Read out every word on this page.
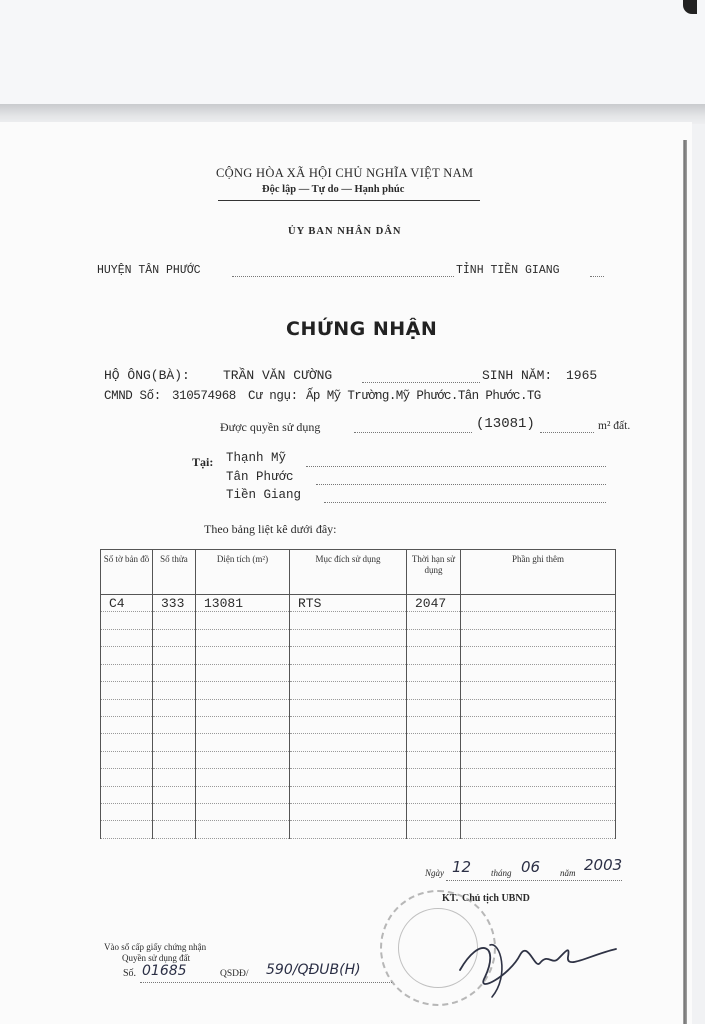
CỘNG HÒA XÃ HỘI CHỦ NGHĨA VIỆT NAM
Độc lập — Tự do — Hạnh phúc
ỦY BAN NHÂN DÂN
HUYỆN TÂN PHƯỚC	TỈNH TIỀN GIANG
CHỨNG NHẬN
HỘ ÔNG(BÀ):	TRẦN VĂN CƯỜNG	SINH NĂM: 1965
CMND Số: 310574968 Cư ngụ: Ấp Mỹ Trường.Mỹ Phước.Tân Phước.TG
Được quyền sử dụng	(13081)	m² đất.
Tại: Thạnh Mỹ
Tân Phước
Tiền Giang
Theo bảng liệt kê dưới đây:
Số tờ bản đồ	Số thửa	Diện tích (m²)	Mục đích sử dụng	Thời hạn sử dụng	Phần ghi thêm
C4	333	13081	RTS	2047	

Ngày 12 tháng 06 năm 2003
KT. Chủ tịch UBND
Vào sổ cấp giấy chứng nhận
Quyền sử dụng đất
Số. 01685	QSDĐ/ 590/QĐUB(H)
